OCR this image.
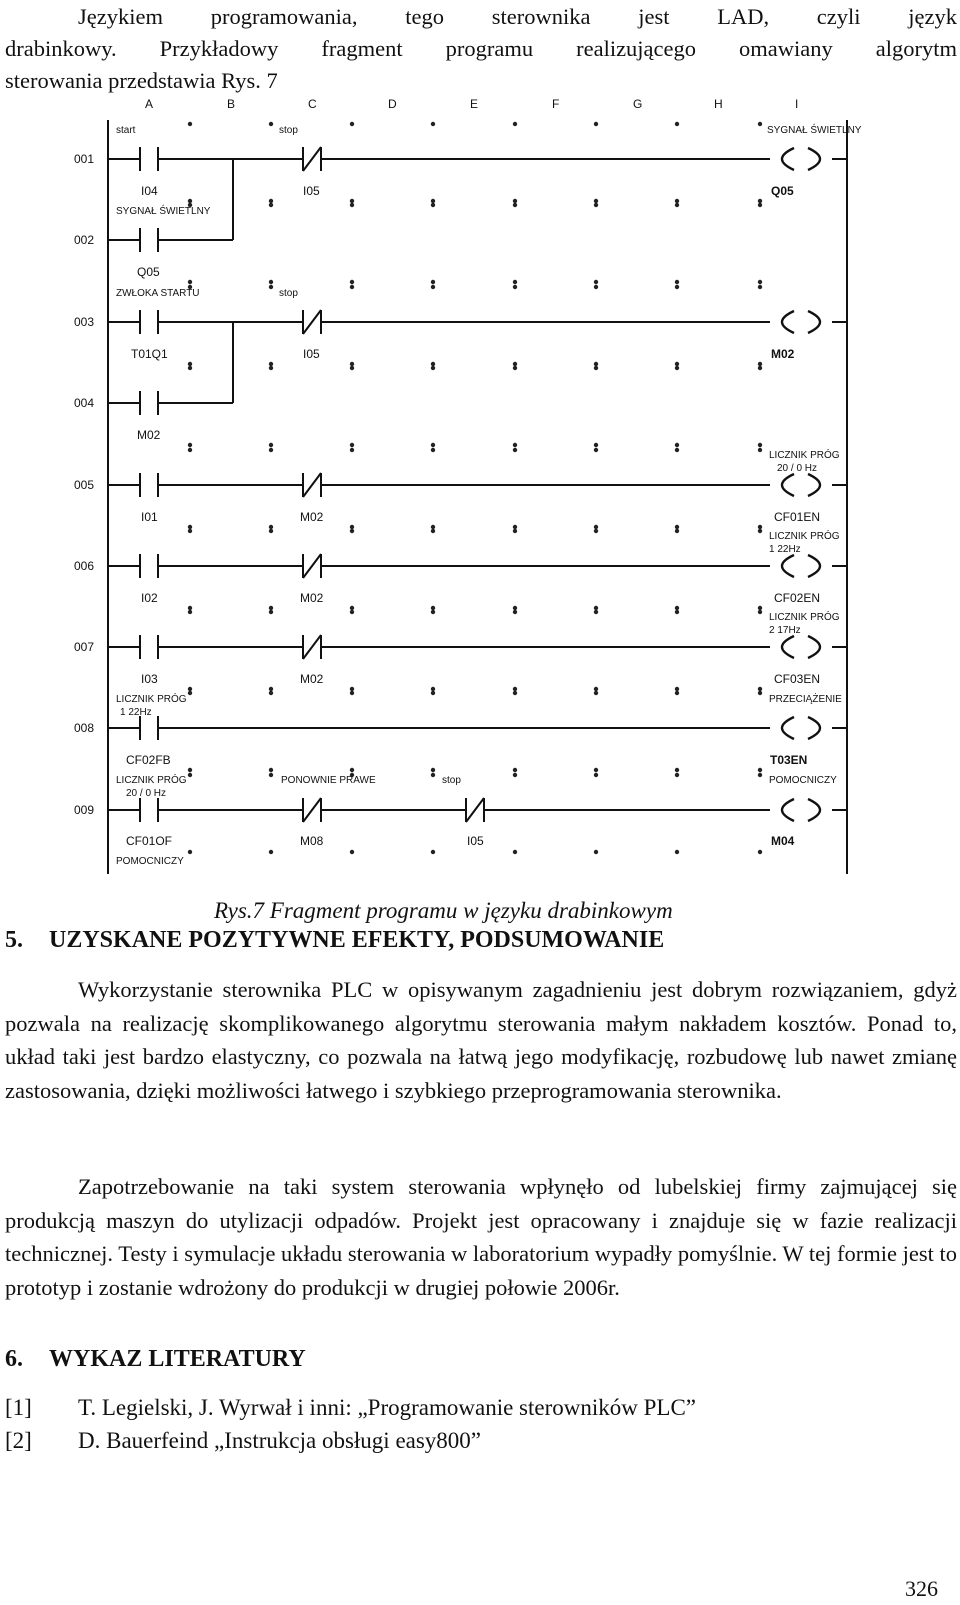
Językiem programowania, tego sterownika jest LAD, czyli język
drabinkowy. Przykładowy fragment programu realizującego omawiany algorytm
sterowania przedstawia Rys. 7
A	B	C	D	E	F	G	H	I
001
002
003
004
005
006
007
008
009
start	stop	SYGNAŁ ŚWIETLNY
SYGNAŁ ŚWIETLNY
ZWŁOKA STARTU	stop
LICZNIK PRÓG
20 / 0 Hz
LICZNIK PRÓG
1 22Hz
LICZNIK PRÓG
2 17Hz
LICZNIK PRÓG
1 22Hz
PRZECIĄŻENIE
LICZNIK PRÓG
20 / 0 Hz
PONOWNIE PRAWE	stop	POMOCNICZY
POMOCNICZY
I04	I05	Q05
Q05
T01Q1	I05	M02
M02
I01	M02	CF01EN
I02	M02	CF02EN
I03	M02	CF03EN
CF02FB	T03EN
CF01OF	M08	I05	M04
Rys.7 Fragment programu w języku drabinkowym
5. UZYSKANE POZYTYWNE EFEKTY, PODSUMOWANIE
Wykorzystanie sterownika PLC w opisywanym zagadnieniu jest dobrym rozwiązaniem, gdyż pozwala na realizację skomplikowanego algorytmu sterowania małym nakładem kosztów. Ponad to, układ taki jest bardzo elastyczny, co pozwala na łatwą jego modyfikację, rozbudowę lub nawet zmianę zastosowania, dzięki możliwości łatwego i szybkiego przeprogramowania sterownika.
Zapotrzebowanie na taki system sterowania wpłynęło od lubelskiej firmy zajmującej się produkcją maszyn do utylizacji odpadów. Projekt jest opracowany i znajduje się w fazie realizacji technicznej. Testy i symulacje układu sterowania w laboratorium wypadły pomyślnie. W tej formie jest to prototyp i zostanie wdrożony do produkcji w drugiej połowie 2006r.
6. WYKAZ LITERATURY
[1] T. Legielski, J. Wyrwał i inni: „Programowanie sterowników PLC”
[2] D. Bauerfeind „Instrukcja obsługi easy800”
326
